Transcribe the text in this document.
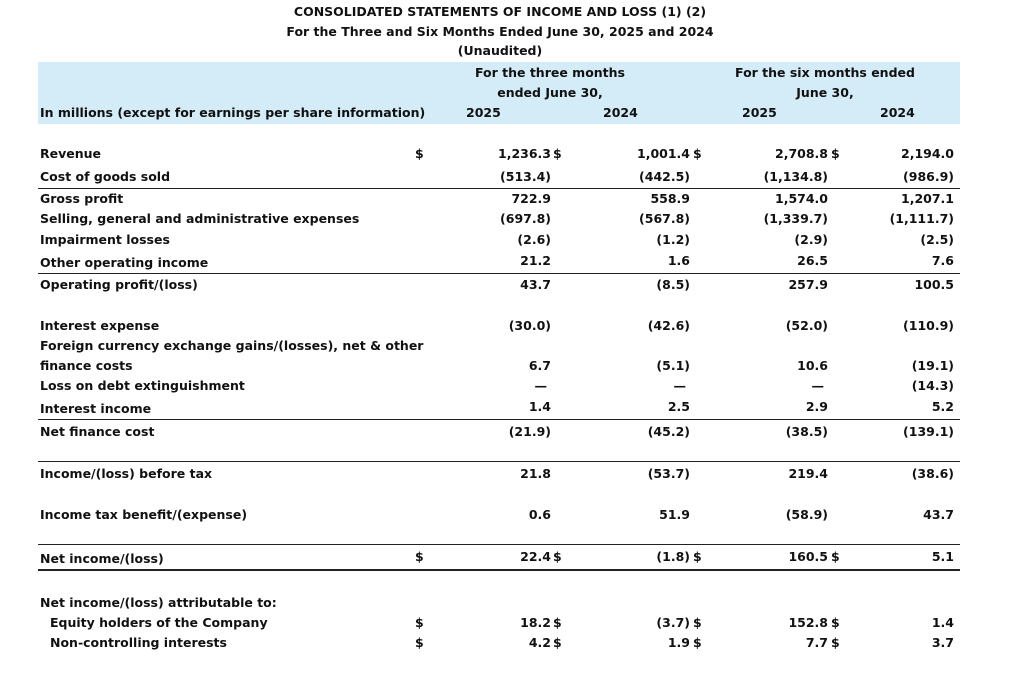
CONSOLIDATED STATEMENTS OF INCOME AND LOSS (1) (2)
For the Three and Six Months Ended June 30, 2025 and 2024
(Unaudited)
For the three months
ended June 30,
For the six months ended
June 30,
In millions (except for earnings per share information)	2025	2024	2025	2024
Revenue	$	1,236.3 $	1,001.4 $	2,708.8 $	2,194.0
Cost of goods sold	(513.4)	(442.5)	(1,134.8)	(986.9)
Gross profit	722.9	558.9	1,574.0	1,207.1
Selling, general and administrative expenses	(697.8)	(567.8)	(1,339.7)	(1,111.7)
Impairment losses	(2.6)	(1.2)	(2.9)	(2.5)
Other operating income	21.2	1.6	26.5	7.6
Operating profit/(loss)	43.7	(8.5)	257.9	100.5
Interest expense	(30.0)	(42.6)	(52.0)	(110.9)
Foreign currency exchange gains/(losses), net & other
finance costs	6.7	(5.1)	10.6	(19.1)
Loss on debt extinguishment	—	—	—	(14.3)
Interest income	1.4	2.5	2.9	5.2
Net finance cost	(21.9)	(45.2)	(38.5)	(139.1)
Income/(loss) before tax	21.8	(53.7)	219.4	(38.6)
Income tax benefit/(expense)	0.6	51.9	(58.9)	43.7
Net income/(loss)	$	22.4 $	(1.8) $	160.5 $	5.1
Net income/(loss) attributable to:
Equity holders of the Company	$	18.2 $	(3.7) $	152.8 $	1.4
Non-controlling interests	$	4.2 $	1.9 $	7.7 $	3.7
